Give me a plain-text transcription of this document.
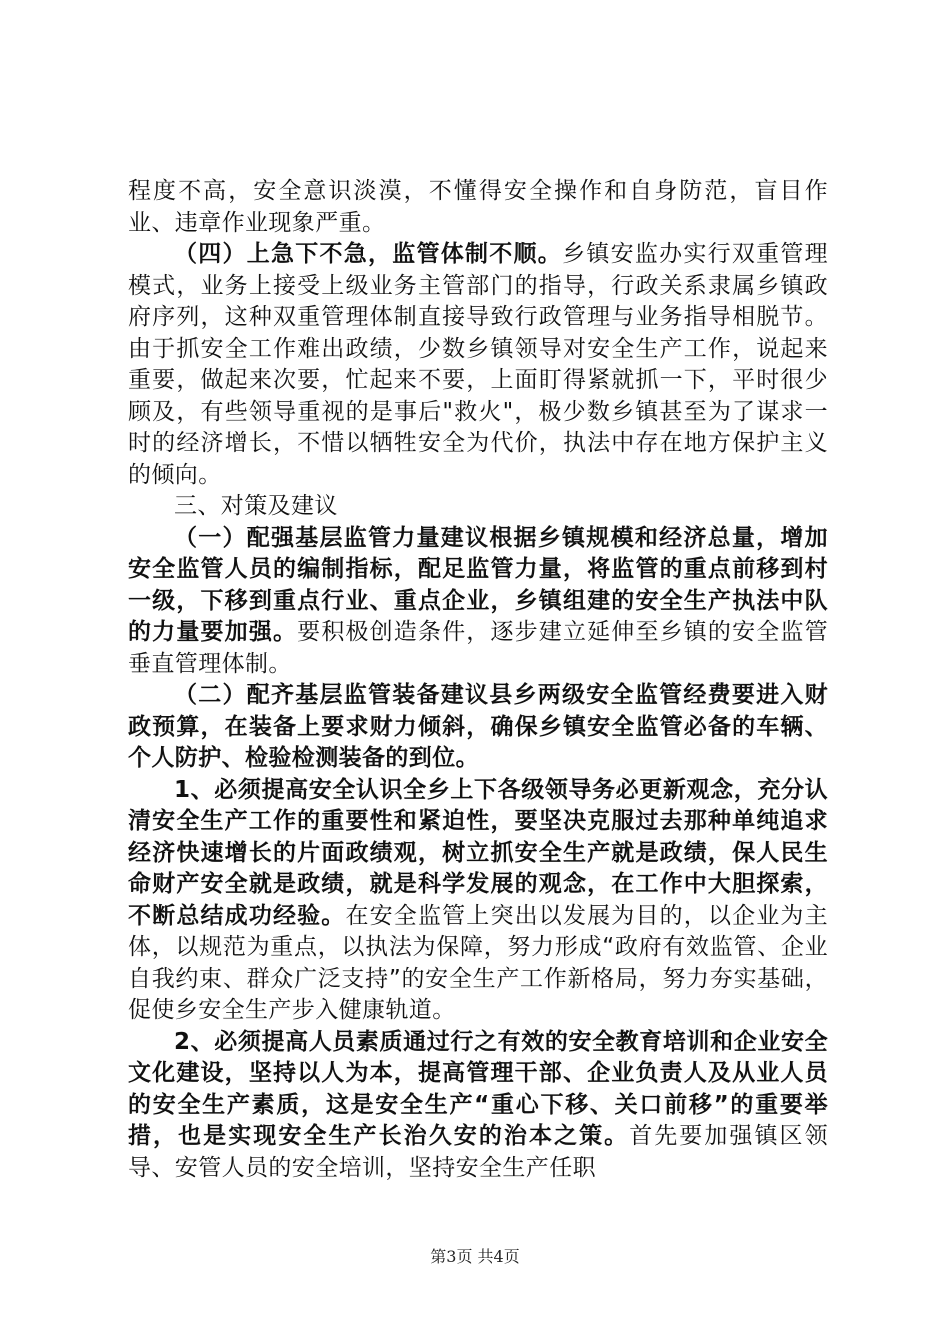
程度不高，安全意识淡漠，不懂得安全操作和自身防范，盲目作业、违章作业现象严重。

（四）上急下不急，监管体制不顺。乡镇安监办实行双重管理模式，业务上接受上级业务主管部门的指导，行政关系隶属乡镇政府序列，这种双重管理体制直接导致行政管理与业务指导相脱节。由于抓安全工作难出政绩，少数乡镇领导对安全生产工作，说起来重要，做起来次要，忙起来不要，上面盯得紧就抓一下，平时很少顾及，有些领导重视的是事后"救火"，极少数乡镇甚至为了谋求一时的经济增长，不惜以牺牲安全为代价，执法中存在地方保护主义的倾向。

三、对策及建议

（一）配强基层监管力量建议根据乡镇规模和经济总量，增加安全监管人员的编制指标，配足监管力量，将监管的重点前移到村一级，下移到重点行业、重点企业，乡镇组建的安全生产执法中队的力量要加强。要积极创造条件，逐步建立延伸至乡镇的安全监管垂直管理体制。

（二）配齐基层监管装备建议县乡两级安全监管经费要进入财政预算，在装备上要求财力倾斜，确保乡镇安全监管必备的车辆、个人防护、检验检测装备的到位。

1、必须提高安全认识全乡上下各级领导务必更新观念，充分认清安全生产工作的重要性和紧迫性，要坚决克服过去那种单纯追求经济快速增长的片面政绩观，树立抓安全生产就是政绩，保人民生命财产安全就是政绩，就是科学发展的观念，在工作中大胆探索，不断总结成功经验。在安全监管上突出以发展为目的，以企业为主体，以规范为重点，以执法为保障，努力形成“政府有效监管、企业自我约束、群众广泛支持”的安全生产工作新格局，努力夯实基础，促使乡安全生产步入健康轨道。

2、必须提高人员素质通过行之有效的安全教育培训和企业安全文化建设，坚持以人为本，提高管理干部、企业负责人及从业人员的安全生产素质，这是安全生产“重心下移、关口前移”的重要举措，也是实现安全生产长治久安的治本之策。首先要加强镇区领导、安管人员的安全培训，坚持安全生产任职

第3页 共4页
